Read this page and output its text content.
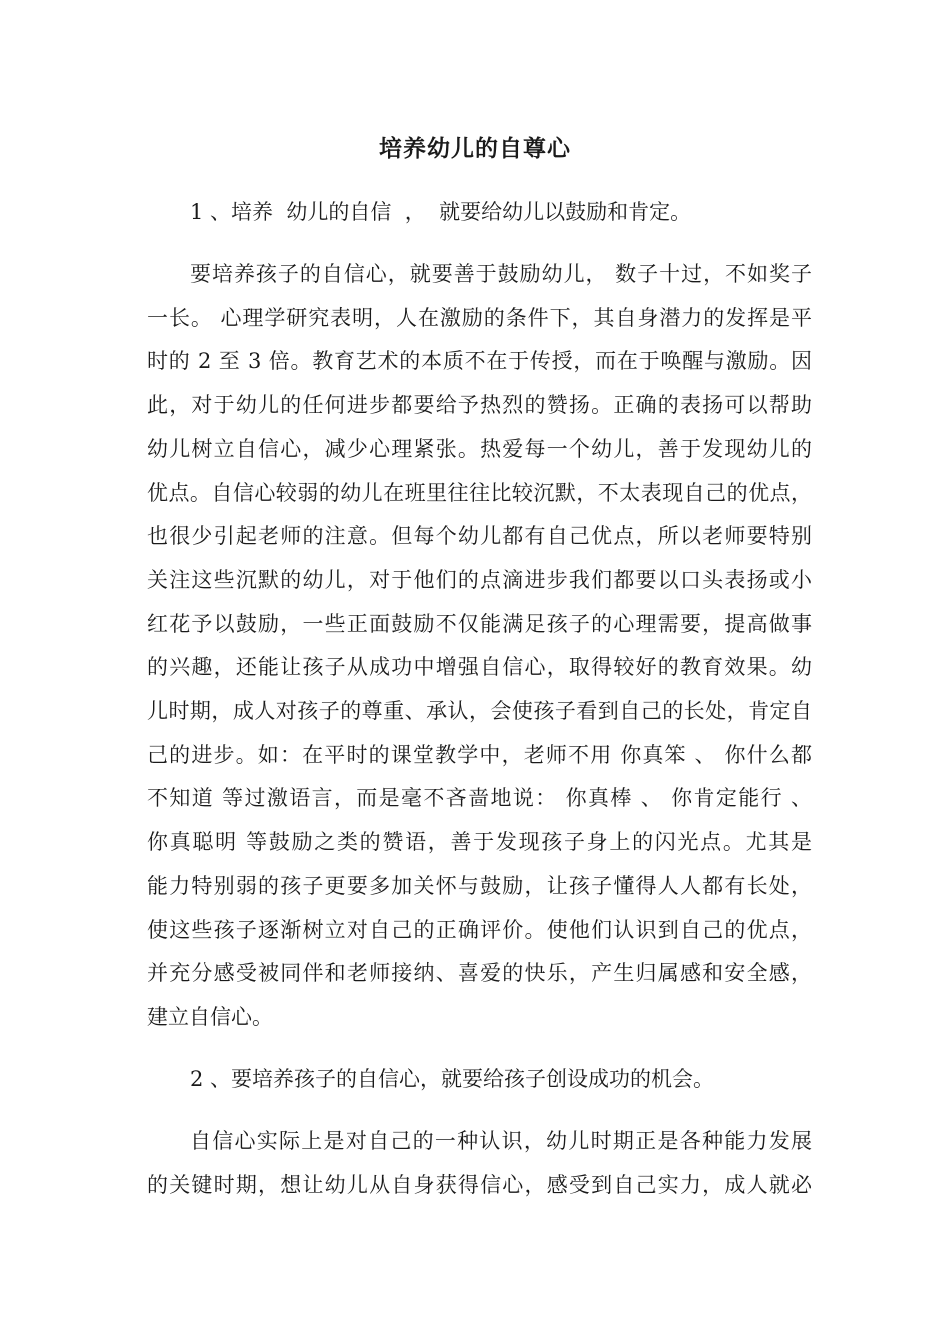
培养幼儿的自尊心
1 、培养  幼儿的自信  ，  就要给幼儿以鼓励和肯定。
要培养孩子的自信心，就要善于鼓励幼儿， 数子十过，不如奖子
一长。 心理学研究表明，人在激励的条件下，其自身潜力的发挥是平
时的 2 至 3 倍。教育艺术的本质不在于传授，而在于唤醒与激励。因
此，对于幼儿的任何进步都要给予热烈的赞扬。正确的表扬可以帮助
幼儿树立自信心，减少心理紧张。热爱每一个幼儿，善于发现幼儿的
优点。自信心较弱的幼儿在班里往往比较沉默，不太表现自己的优点，
也很少引起老师的注意。但每个幼儿都有自己优点，所以老师要特别
关注这些沉默的幼儿，对于他们的点滴进步我们都要以口头表扬或小
红花予以鼓励，一些正面鼓励不仅能满足孩子的心理需要，提高做事
的兴趣，还能让孩子从成功中增强自信心，取得较好的教育效果。幼
儿时期，成人对孩子的尊重、承认，会使孩子看到自己的长处，肯定自
己的进步。如：在平时的课堂教学中，老师不用 你真笨 、 你什么都
不知道 等过激语言，而是毫不吝啬地说： 你真棒 、 你肯定能行 、
你真聪明 等鼓励之类的赞语，善于发现孩子身上的闪光点。尤其是
能力特别弱的孩子更要多加关怀与鼓励，让孩子懂得人人都有长处，
使这些孩子逐渐树立对自己的正确评价。使他们认识到自己的优点，
并充分感受被同伴和老师接纳、喜爱的快乐，产生归属感和安全感，
建立自信心。
2 、要培养孩子的自信心，就要给孩子创设成功的机会。
自信心实际上是对自己的一种认识，幼儿时期正是各种能力发展
的关键时期，想让幼儿从自身获得信心，感受到自己实力，成人就必
